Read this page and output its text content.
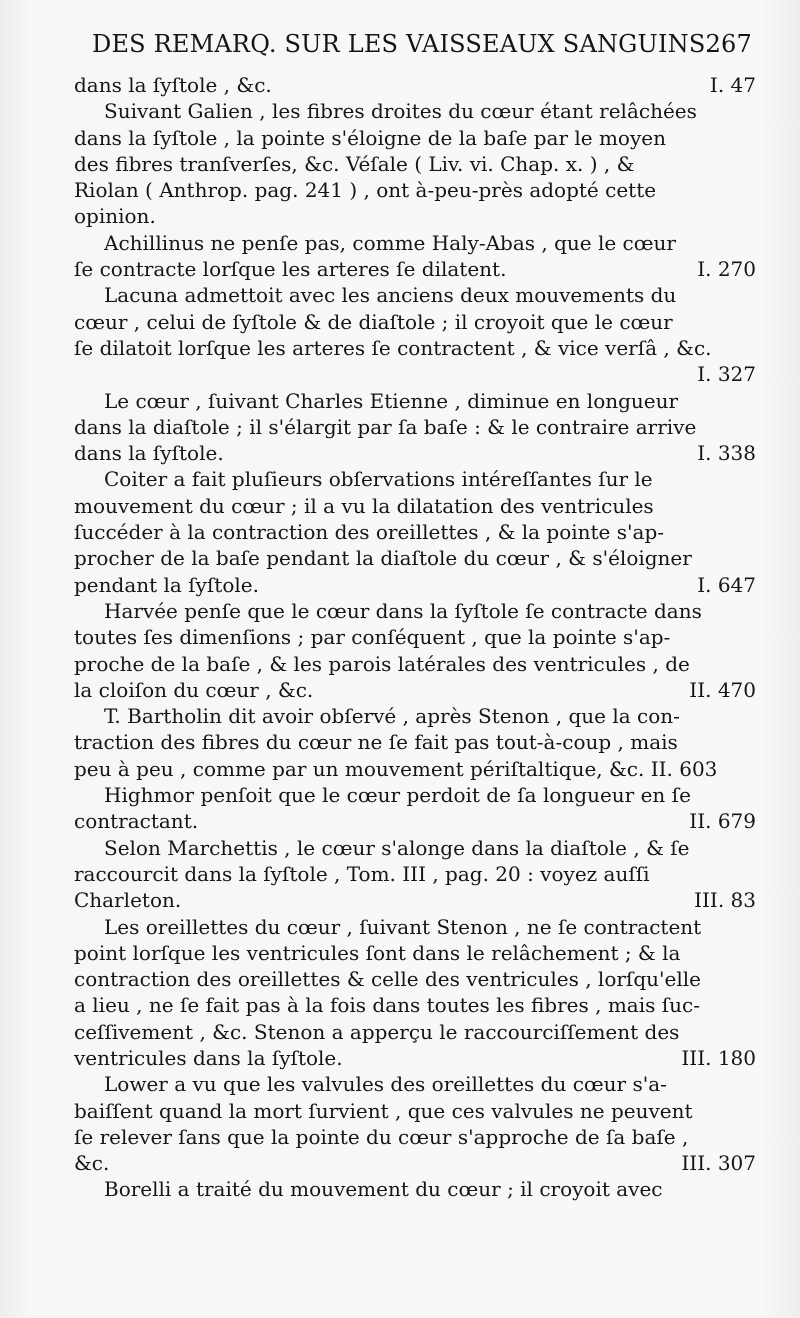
DES REMARQ. SUR LES VAISSEAUX SANGUINS.
267
dans la ſyſtole , &c.	I. 47
Suivant Galien , les fibres droites du cœur étant relâchées
dans la ſyſtole , la pointe s'éloigne de la baſe par le moyen
des fibres tranſverſes, &c. Véſale ( Liv. vi. Chap. x. ) , &
Riolan ( Anthrop. pag. 241 ) , ont à-peu-près adopté cette
opinion.
Achillinus ne penſe pas, comme Haly-Abas , que le cœur
ſe contracte lorſque les arteres ſe dilatent.	I. 270
Lacuna admettoit avec les anciens deux mouvements du
cœur , celui de ſyſtole & de diaſtole ; il croyoit que le cœur
ſe dilatoit lorſque les arteres ſe contractent , & vice verſâ , &c.
I. 327
Le cœur , ſuivant Charles Etienne , diminue en longueur
dans la diaſtole ; il s'élargit par ſa baſe : & le contraire arrive
dans la ſyſtole.	I. 338
Coiter a fait pluſieurs obſervations intéreſſantes ſur le
mouvement du cœur ; il a vu la dilatation des ventricules
ſuccéder à la contraction des oreillettes , & la pointe s'ap-
procher de la baſe pendant la diaſtole du cœur , & s'éloigner
pendant la ſyſtole.	I. 647
Harvée penſe que le cœur dans la ſyſtole ſe contracte dans
toutes ſes dimenſions ; par conſéquent , que la pointe s'ap-
proche de la baſe , & les parois latérales des ventricules , de
la cloiſon du cœur , &c.	II. 470
T. Bartholin dit avoir obſervé , après Stenon , que la con-
traction des fibres du cœur ne ſe fait pas tout-à-coup , mais
peu à peu , comme par un mouvement périſtaltique, &c. II. 603
Highmor penſoit que le cœur perdoit de ſa longueur en ſe
contractant.	II. 679
Selon Marchettis , le cœur s'alonge dans la diaſtole , & ſe
raccourcit dans la ſyſtole , Tom. III , pag. 20 : voyez auſſi
Charleton.	III. 83
Les oreillettes du cœur , ſuivant Stenon , ne ſe contractent
point lorſque les ventricules ſont dans le relâchement ; & la
contraction des oreillettes & celle des ventricules , lorſqu'elle
a lieu , ne ſe fait pas à la fois dans toutes les fibres , mais ſuc-
ceſſivement , &c. Stenon a apperçu le raccourciſſement des
ventricules dans la ſyſtole.	III. 180
Lower a vu que les valvules des oreillettes du cœur s'a-
baiſſent quand la mort ſurvient , que ces valvules ne peuvent
ſe relever ſans que la pointe du cœur s'approche de ſa baſe ,
&c.	III. 307
Borelli a traité du mouvement du cœur ; il croyoit avec
